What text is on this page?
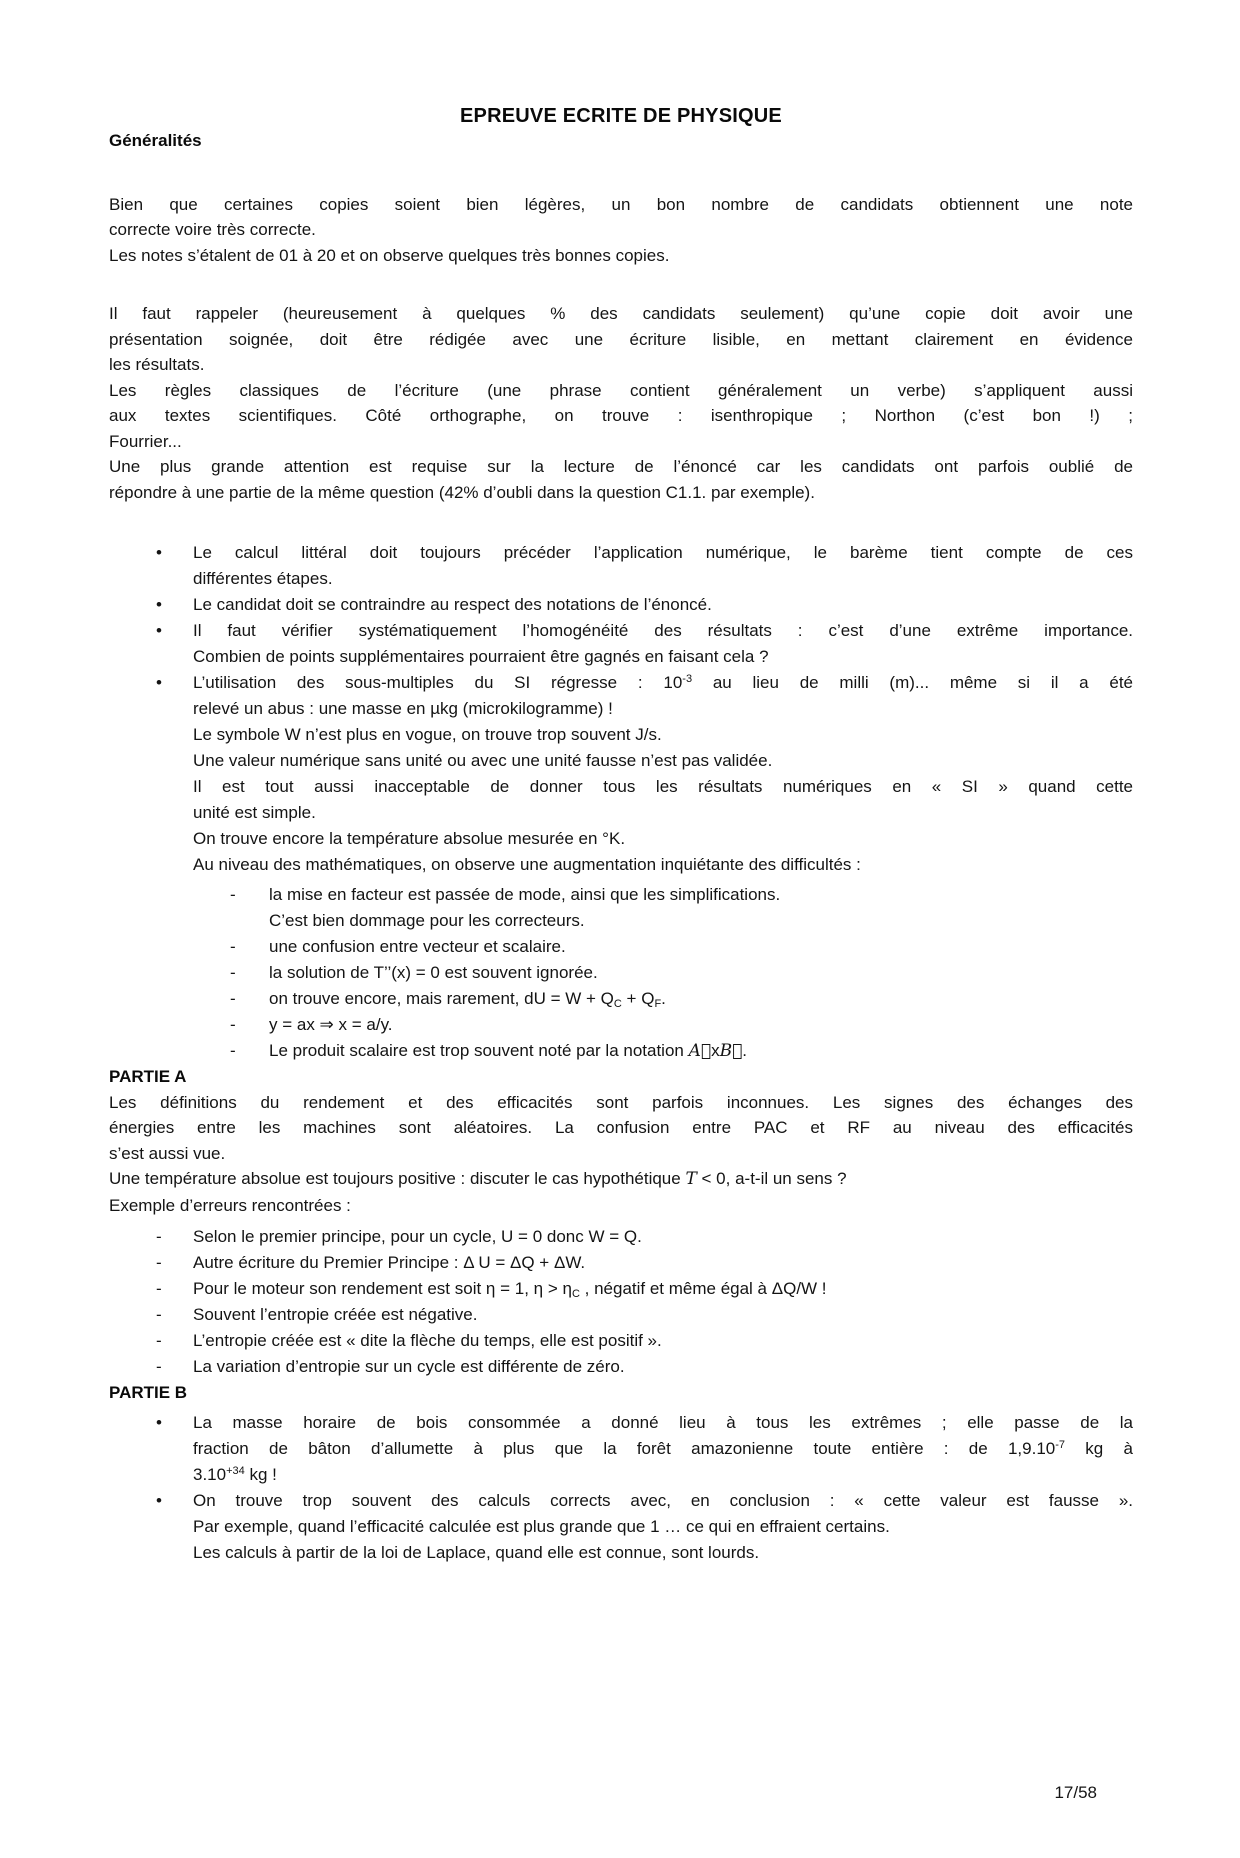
EPREUVE ECRITE DE PHYSIQUE
Généralités
Bien que certaines copies soient bien légères, un bon nombre de candidats obtiennent une note
correcte voire très correcte.
Les notes s’étalent de 01 à 20 et on observe quelques très bonnes copies.
Il faut rappeler (heureusement à quelques % des candidats seulement) qu’une copie doit avoir une
présentation soignée, doit être rédigée avec une écriture lisible, en mettant clairement en évidence
les résultats.
Les règles classiques de l’écriture (une phrase contient généralement un verbe) s’appliquent aussi
aux textes scientifiques. Côté orthographe, on trouve : isenthropique ; Northon (c’est bon !) ;
Fourrier...
Une plus grande attention est requise sur la lecture de l’énoncé car les candidats ont parfois oublié de
répondre à une partie de la même question (42% d’oubli dans la question C1.1. par exemple).
• Le calcul littéral doit toujours précéder l’application numérique, le barème tient compte de ces
différentes étapes.
• Le candidat doit se contraindre au respect des notations de l’énoncé.
• Il faut vérifier systématiquement l’homogénéité des résultats : c’est d’une extrême importance.
Combien de points supplémentaires pourraient être gagnés en faisant cela ?
• L’utilisation des sous-multiples du SI régresse : $10^{-3}$ au lieu de milli (m)... même si il a été
relevé un abus : une masse en µkg (microkilogramme) !
Le symbole W n’est plus en vogue, on trouve trop souvent J/s.
Une valeur numérique sans unité ou avec une unité fausse n’est pas validée.
Il est tout aussi inacceptable de donner tous les résultats numériques en « SI » quand cette
unité est simple.
On trouve encore la température absolue mesurée en °K.
Au niveau des mathématiques, on observe une augmentation inquiétante des difficultés :
- la mise en facteur est passée de mode, ainsi que les simplifications.
C’est bien dommage pour les correcteurs.
- une confusion entre vecteur et scalaire.
- la solution de T’’(x) = 0 est souvent ignorée.
- on trouve encore, mais rarement, dU = $W + Q_C + Q_F$.
- y = ax ⇒ x = a/y.
- Le produit scalaire est trop souvent noté par la notation A⃗xB⃗.
PARTIE A
Les définitions du rendement et des efficacités sont parfois inconnues. Les signes des échanges des
énergies entre les machines sont aléatoires. La confusion entre PAC et RF au niveau des efficacités
s’est aussi vue.
Une température absolue est toujours positive : discuter le cas hypothétique T < 0, a-t-il un sens ?
Exemple d’erreurs rencontrées :
- Selon le premier principe, pour un cycle, U = 0 donc W = Q.
- Autre écriture du Premier Principe : Δ U = ΔQ + ΔW.
- Pour le moteur son rendement est soit η = 1, $\eta > \eta_C$ , négatif et même égal à ΔQ/W !
- Souvent l’entropie créée est négative.
- L’entropie créée est « dite la flèche du temps, elle est positif ».
- La variation d’entropie sur un cycle est différente de zéro.
PARTIE B
• La masse horaire de bois consommée a donné lieu à tous les extrêmes ; elle passe de la
fraction de bâton d’allumette à plus que la forêt amazonienne toute entière : de $1,9.10^{-7}$ kg à
$3.10^{+34}$ kg !
• On trouve trop souvent des calculs corrects avec, en conclusion : « cette valeur est fausse ».
Par exemple, quand l’efficacité calculée est plus grande que 1 … ce qui en effraient certains.
Les calculs à partir de la loi de Laplace, quand elle est connue, sont lourds.
17/58
